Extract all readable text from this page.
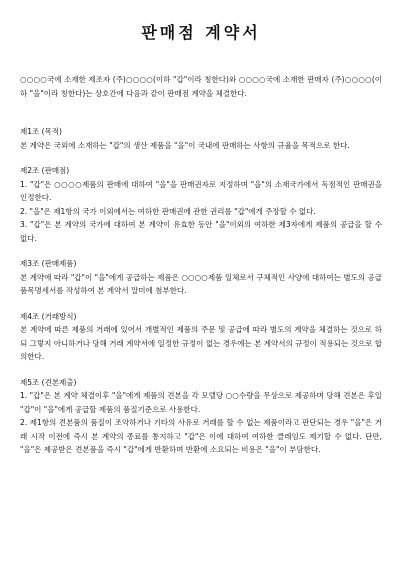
판매점 계약서

○○○○국에 소재한 제조자 (주)○○○○(이하 "갑"이라 칭한다)와 ○○○○국에 소재한 판매자 (주)○○○○(이하 "을"이라 칭한다)는 상호간에 다음과 같이 판매점 계약을 체결한다.

제1조 (목적)

본 계약은 국외에 소재하는 "갑"의 생산 제품을 "을"이 국내에 판매하는 사항의 규율을 목적으로 한다.

제2조 (판매점)

1. "갑"은 ○○○○제품의 판매에 대하여 "을"을 판매권자로 지정하며 "을"의 소재국가에서 독점적인 판매권을 인정한다.

2. "을"은 제1항의 국가 이외에서는 여하한 판매권에 관한 권리를 "갑"에게 주장할 수 없다.

3. "갑"은 본 계약의 국가에 대하여 본 계약이 유효한 동안 "을"이외의 여하한 제3자에게 제품의 공급을 할 수 없다.

제3조 (판매제품)

본 계약에 따라 "갑"이 "을"에게 공급하는 제품은 ○○○○제품 일체로서 구체적인 사양에 대하여는 별도의 공급 품목명세서를 작성하여 본 계약서 말미에 첨부한다.

제4조 (거래방식)

본 계약에 따른 제품의 거래에 있어서 개별적인 제품의 주문 및 공급에 따라 별도의 계약을 체결하는 것으로 하되 그렇지 아니하거나 당해 거래 계약서에 일정한 규정이 없는 경우에는 본 계약서의 규정이 적용되는 것으로 합의한다.

제5조 (견본제출)

1. "갑"은 본 계약 체결이후 "을"에게 제품의 견본을 각 모델당 ○○수량을 무상으로 제공하며 당해 견본은 후일 "갑"이 "을"에게 공급할 제품의 품질기준으로 사용한다.

2. 제1항의 견본품의 품질이 조악하거나 기타의 사유로 거래를 할 수 없는 제품이라고 판단되는 경우 "을"은 거래 시작 이전에 즉시 본 계약의 종료를 통지하고 "갑"은 이에 대하여 여하한 클레임도 제기할 수 없다. 단만, "을"은 제공받은 견본품을 즉시 "갑"에게 반환하며 반환에 소요되는 비용은 "을"이 부담한다.
